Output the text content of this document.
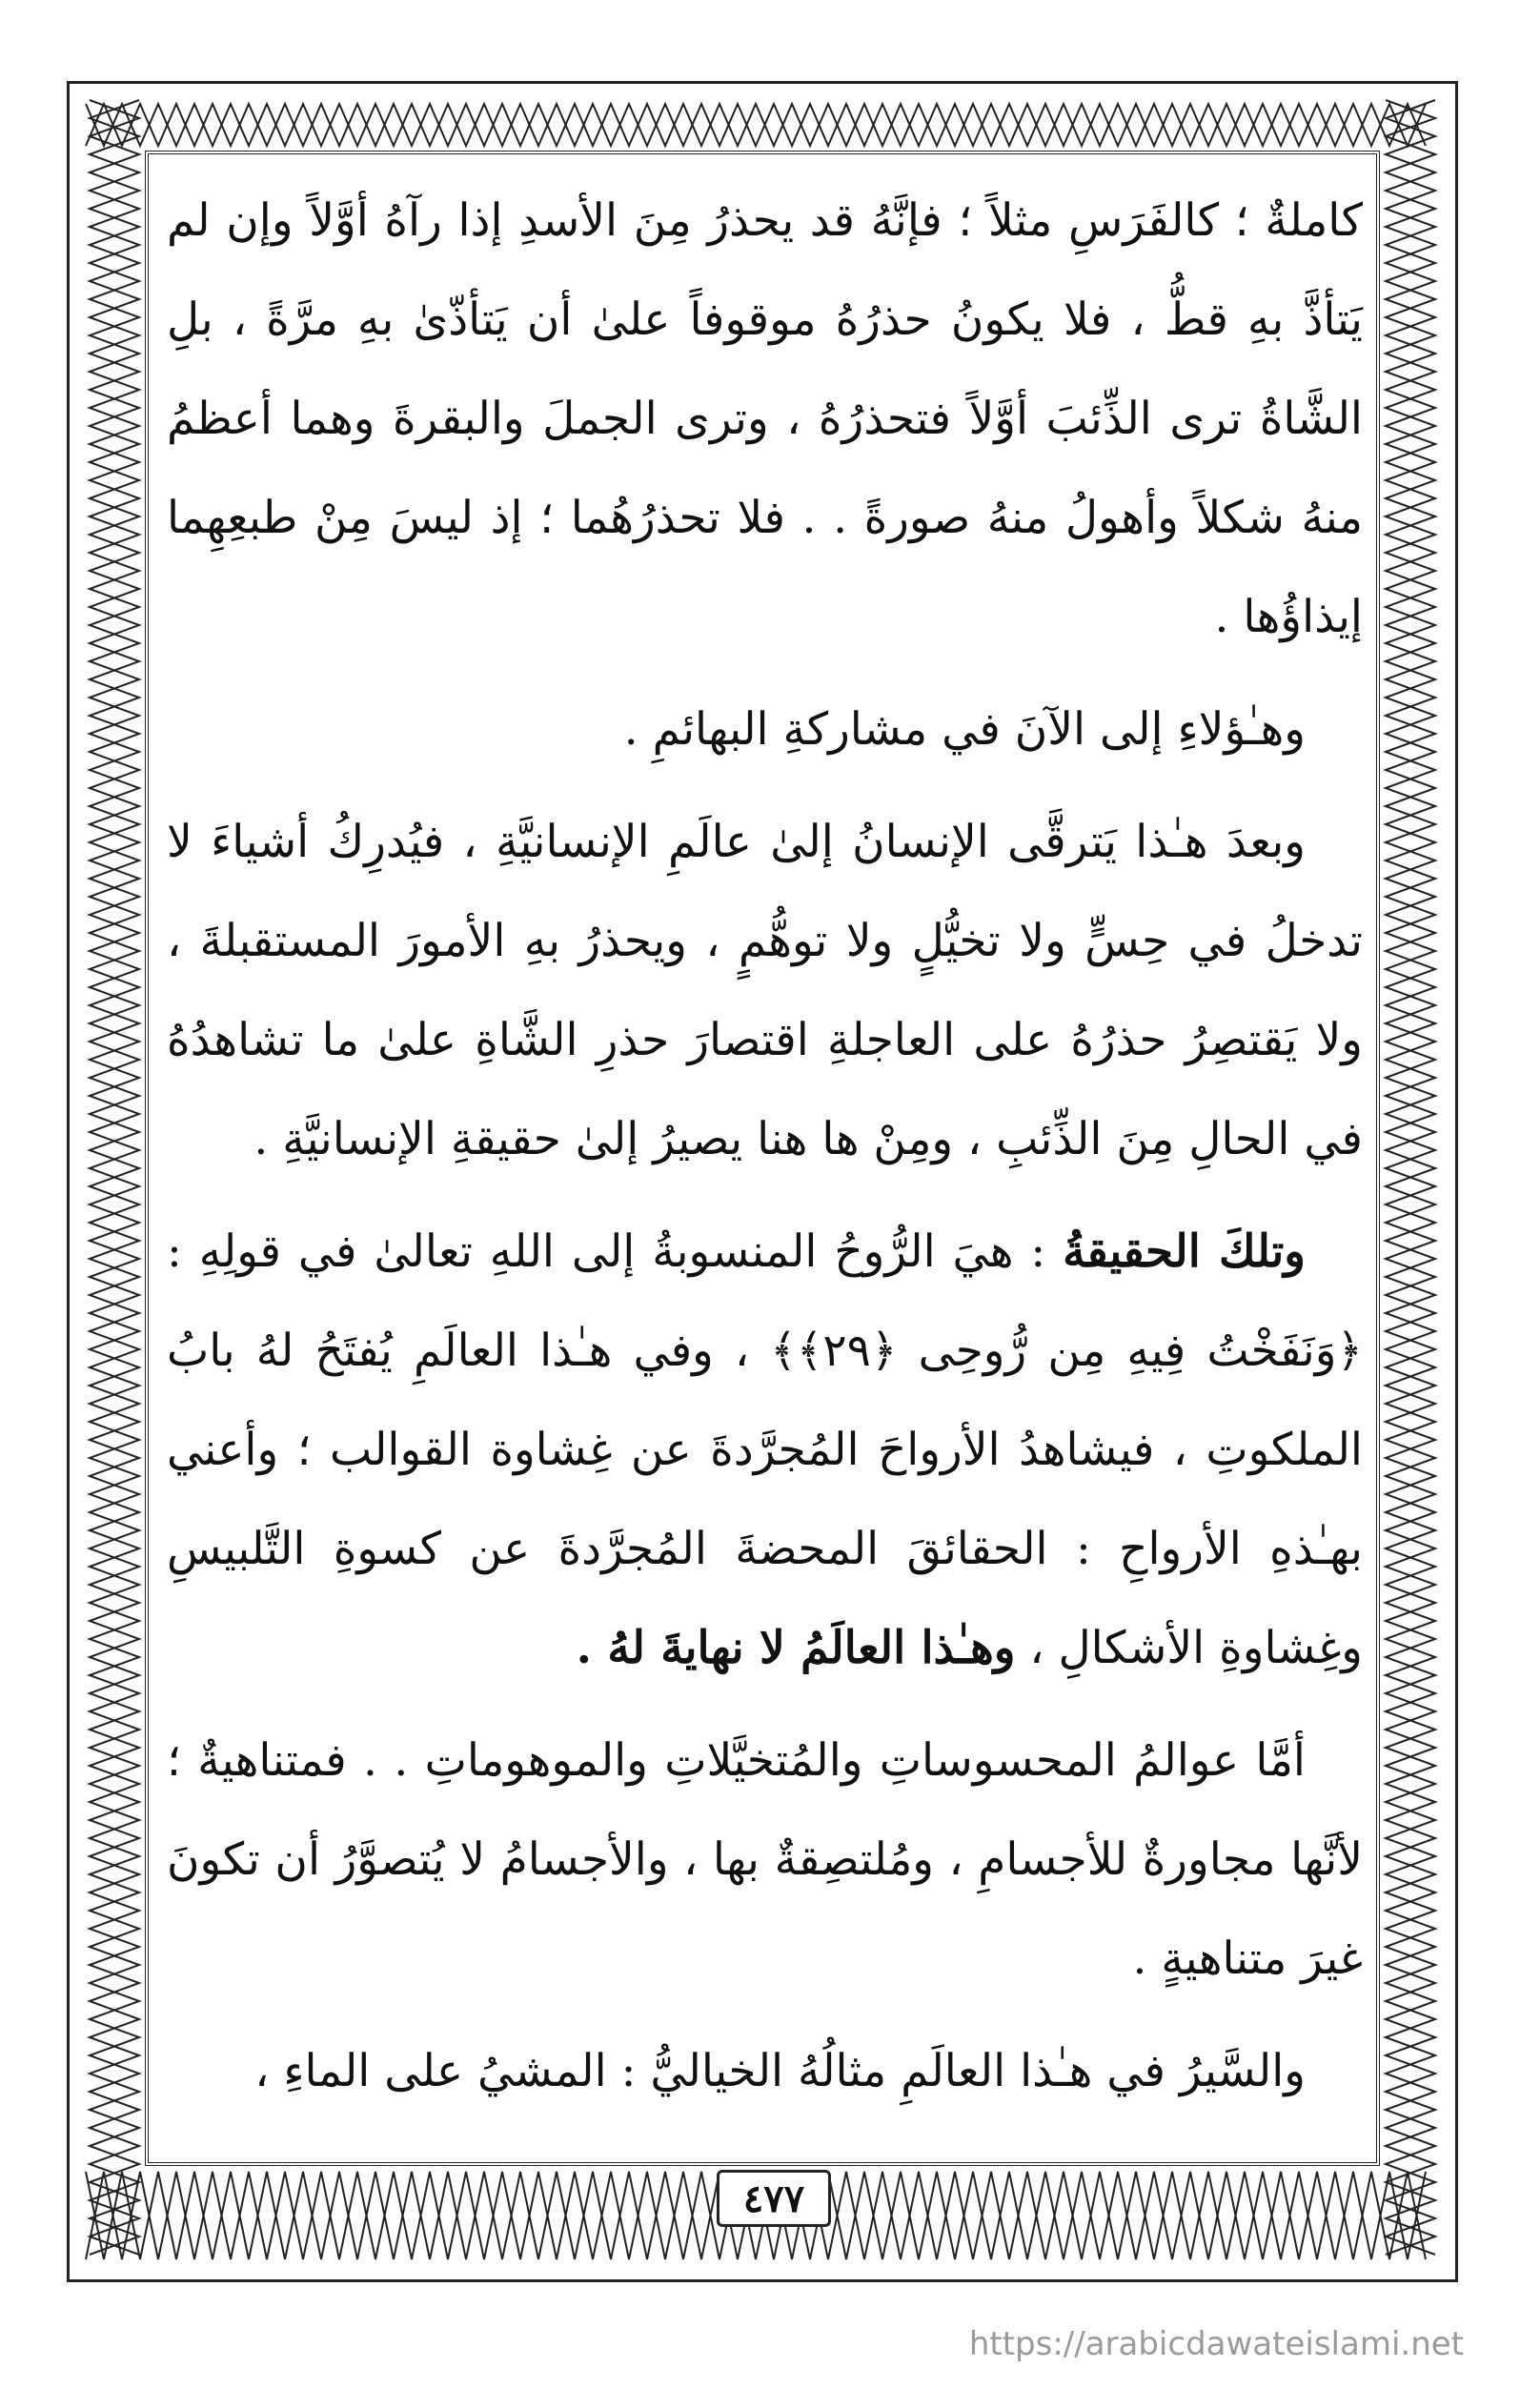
كاملةٌ ؛ كالفَرَسِ مثلاً ؛ فإنَّهُ قد يحذرُ مِنَ الأسدِ إذا رآهُ أوَّلاً وإن لم يَتأذَّ بهِ قطُّ ، فلا يكونُ حذرُهُ موقوفاً علىٰ أن يَتأذّىٰ بهِ مرَّةً ، بلِ الشَّاةُ ترى الذِّئبَ أوَّلاً فتحذرُهُ ، وترى الجملَ والبقرةَ وهما أعظمُ منهُ شكلاً وأهولُ منهُ صورةً . . فلا تحذرُهُما ؛ إذ ليسَ مِنْ طبعِهِما إيذاؤُها .

وهـٰؤلاءِ إلى الآنَ في مشاركةِ البهائمِ .

وبعدَ هـٰذا يَترقَّى الإنسانُ إلىٰ عالَمِ الإنسانيَّةِ ، فيُدرِكُ أشياءَ لا تدخلُ في حِسٍّ ولا تخيُّلٍ ولا توهُّمٍ ، ويحذرُ بهِ الأمورَ المستقبلةَ ، ولا يَقتصِرُ حذرُهُ على العاجلةِ اقتصارَ حذرِ الشَّاةِ علىٰ ما تشاهدُهُ في الحالِ مِنَ الذِّئبِ ، ومِنْ ها هنا يصيرُ إلىٰ حقيقةِ الإنسانيَّةِ .

وتلكَ الحقيقةُ : هيَ الرُّوحُ المنسوبةُ إلى اللهِ تعالىٰ في قولِهِ : ﴿وَنَفَخْتُ فِيهِ مِن رُّوحِى ﴿٢٩﴾﴾ ، وفي هـٰذا العالَمِ يُفتَحُ لهُ بابُ الملكوتِ ، فيشاهدُ الأرواحَ المُجرَّدةَ عن غِشاوة القوالب ؛ وأعني بهـٰذهِ الأرواحِ : الحقائقَ المحضةَ المُجرَّدةَ عن كسوةِ التَّلبيسِ وغِشاوةِ الأشكالِ ، وهـٰذا العالَمُ لا نهايةَ لهُ .

أمَّا عوالمُ المحسوساتِ والمُتخيَّلاتِ والموهوماتِ . . فمتناهيةٌ ؛ لأنَّها مجاورةٌ للأجسامِ ، ومُلتصِقةٌ بها ، والأجسامُ لا يُتصوَّرُ أن تكونَ غيرَ متناهيةٍ .

والسَّيرُ في هـٰذا العالَمِ مثالُهُ الخياليُّ : المشيُ على الماءِ ،

٤٧٧
https://arabicdawateislami.net
